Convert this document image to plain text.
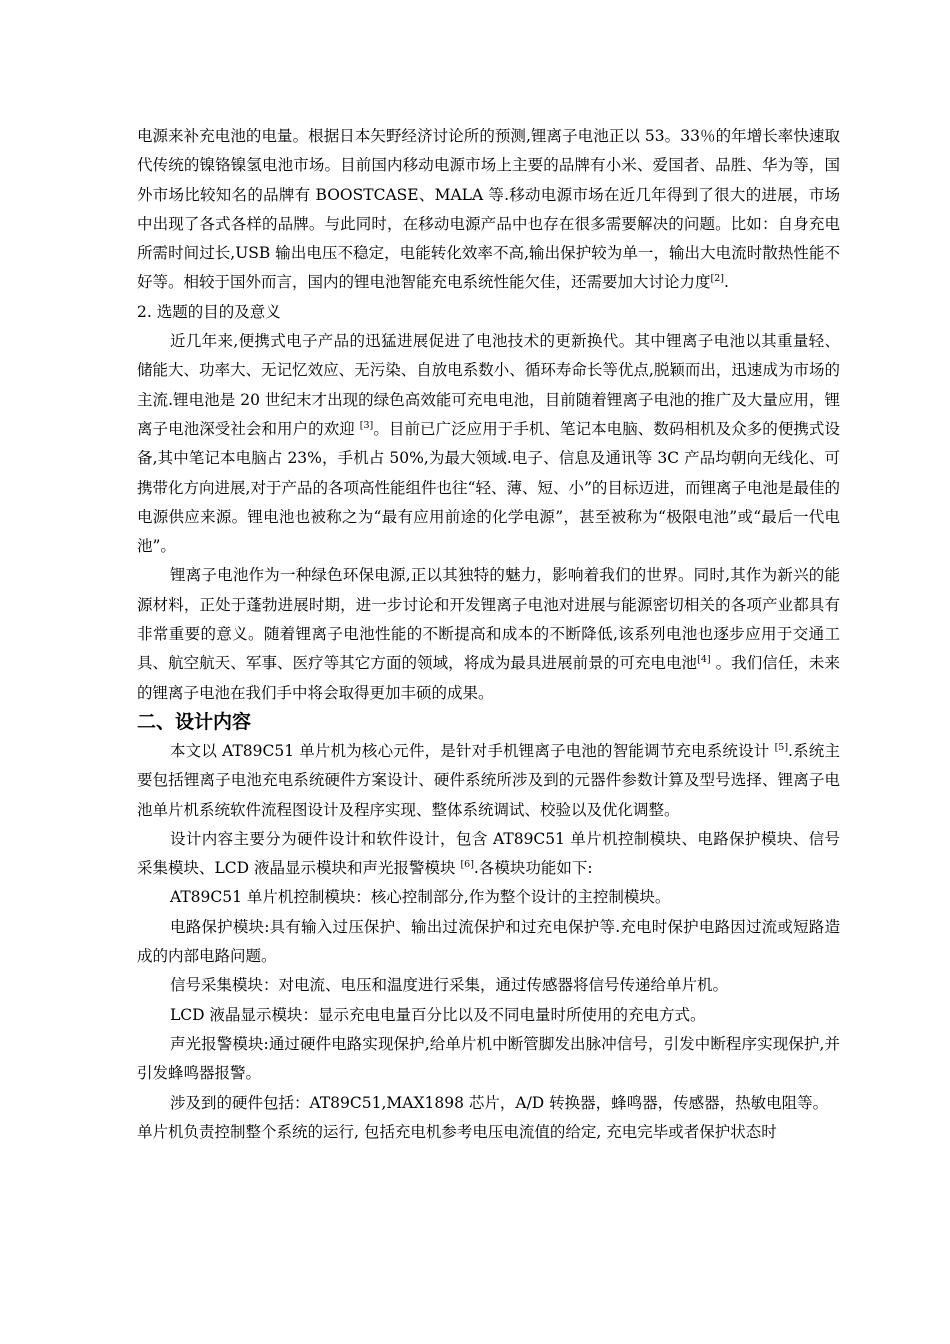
电源来补充电池的电量。根据日本矢野经济讨论所的预测,锂离子电池正以 53。33％的年增长率快速取代传统的镍铬镍氢电池市场。目前国内移动电源市场上主要的品牌有小米、爱国者、品胜、华为等，国外市场比较知名的品牌有 BOOSTCASE、MALA 等.移动电源市场在近几年得到了很大的进展，市场中出现了各式各样的品牌。与此同时，在移动电源产品中也存在很多需要解决的问题。比如：自身充电所需时间过长,USB 输出电压不稳定，电能转化效率不高,输出保护较为单一，输出大电流时散热性能不好等。相较于国外而言，国内的锂电池智能充电系统性能欠佳，还需要加大讨论力度[2].

2. 选题的目的及意义

近几年来,便携式电子产品的迅猛进展促进了电池技术的更新换代。其中锂离子电池以其重量轻、储能大、功率大、无记忆效应、无污染、自放电系数小、循环寿命长等优点,脱颖而出，迅速成为市场的主流.锂电池是 20 世纪末才出现的绿色高效能可充电电池，目前随着锂离子电池的推广及大量应用，锂离子电池深受社会和用户的欢迎 [3]。目前已广泛应用于手机、笔记本电脑、数码相机及众多的便携式设备,其中笔记本电脑占 23%，手机占 50%,为最大领域.电子、信息及通讯等 3C 产品均朝向无线化、可携带化方向进展,对于产品的各项高性能组件也往“轻、薄、短、小”的目标迈进，而锂离子电池是最佳的电源供应来源。锂电池也被称之为“最有应用前途的化学电源”，甚至被称为“极限电池”或“最后一代电池”。

锂离子电池作为一种绿色环保电源,正以其独特的魅力，影响着我们的世界。同时,其作为新兴的能源材料，正处于蓬勃进展时期，进一步讨论和开发锂离子电池对进展与能源密切相关的各项产业都具有非常重要的意义。随着锂离子电池性能的不断提高和成本的不断降低,该系列电池也逐步应用于交通工具、航空航天、军事、医疗等其它方面的领域，将成为最具进展前景的可充电电池[4] 。我们信任，未来的锂离子电池在我们手中将会取得更加丰硕的成果。

二、设计内容

本文以 AT89C51 单片机为核心元件，是针对手机锂离子电池的智能调节充电系统设计 [5].系统主要包括锂离子电池充电系统硬件方案设计、硬件系统所涉及到的元器件参数计算及型号选择、锂离子电池单片机系统软件流程图设计及程序实现、整体系统调试、校验以及优化调整。

设计内容主要分为硬件设计和软件设计，包含 AT89C51 单片机控制模块、电路保护模块、信号采集模块、LCD 液晶显示模块和声光报警模块 [6].各模块功能如下:

AT89C51 单片机控制模块：核心控制部分,作为整个设计的主控制模块。

电路保护模块:具有输入过压保护、输出过流保护和过充电保护等.充电时保护电路因过流或短路造成的内部电路问题。

信号采集模块：对电流、电压和温度进行采集，通过传感器将信号传递给单片机。

LCD 液晶显示模块：显示充电电量百分比以及不同电量时所使用的充电方式。

声光报警模块:通过硬件电路实现保护,给单片机中断管脚发出脉冲信号，引发中断程序实现保护,并引发蜂鸣器报警。

涉及到的硬件包括：AT89C51,MAX1898 芯片，A/D 转换器，蜂鸣器，传感器，热敏电阻等。

单片机负责控制整个系统的运行, 包括充电机参考电压电流值的给定, 充电完毕或者保护状态时
